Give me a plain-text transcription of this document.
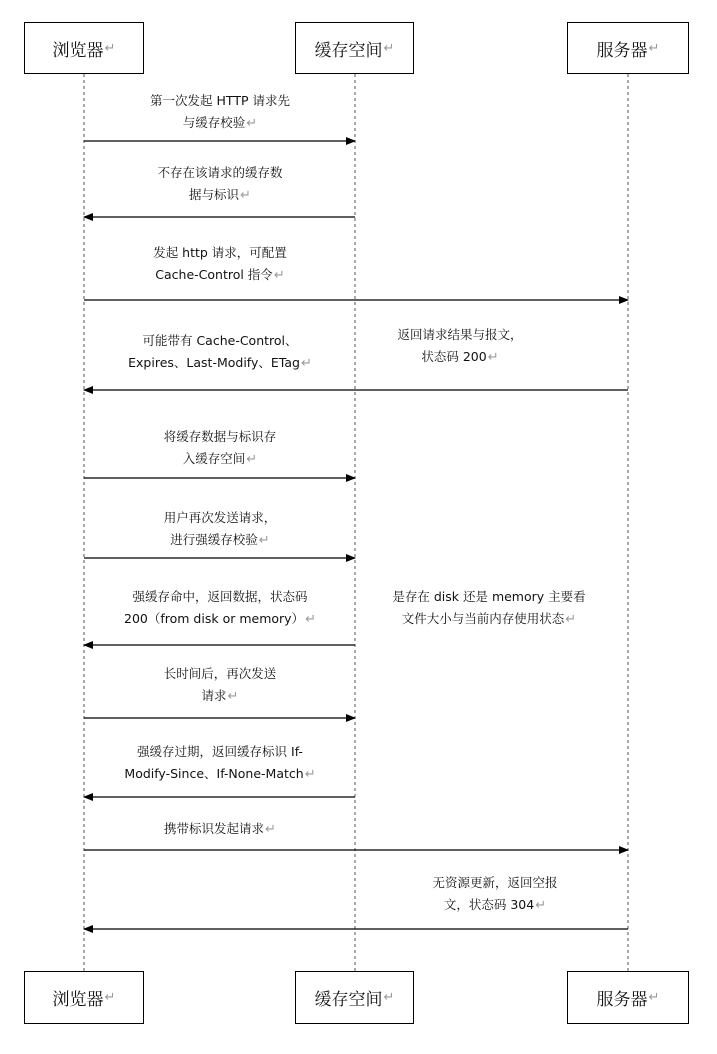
浏览器 ↵	缓存空间 ↵	服务器 ↵
浏览器 ↵	缓存空间 ↵	服务器 ↵
第一次发起 HTTP 请求先
与缓存校验↵
不存在该请求的缓存数
据与标识↵
发起 http 请求，可配置
Cache-Control 指令↵
可能带有 Cache-Control、
Expires、Last-Modify、ETag↵
返回请求结果与报文，
状态码 200↵
将缓存数据与标识存
入缓存空间↵
用户再次发送请求，
进行强缓存校验↵
强缓存命中，返回数据，状态码
200（from disk or memory）↵
是存在 disk 还是 memory 主要看
文件大小与当前内存使用状态↵
长时间后，再次发送
请求↵
强缓存过期，返回缓存标识 If-
Modify-Since、If-None-Match↵
携带标识发起请求↵
无资源更新，返回空报
文，状态码 304↵
